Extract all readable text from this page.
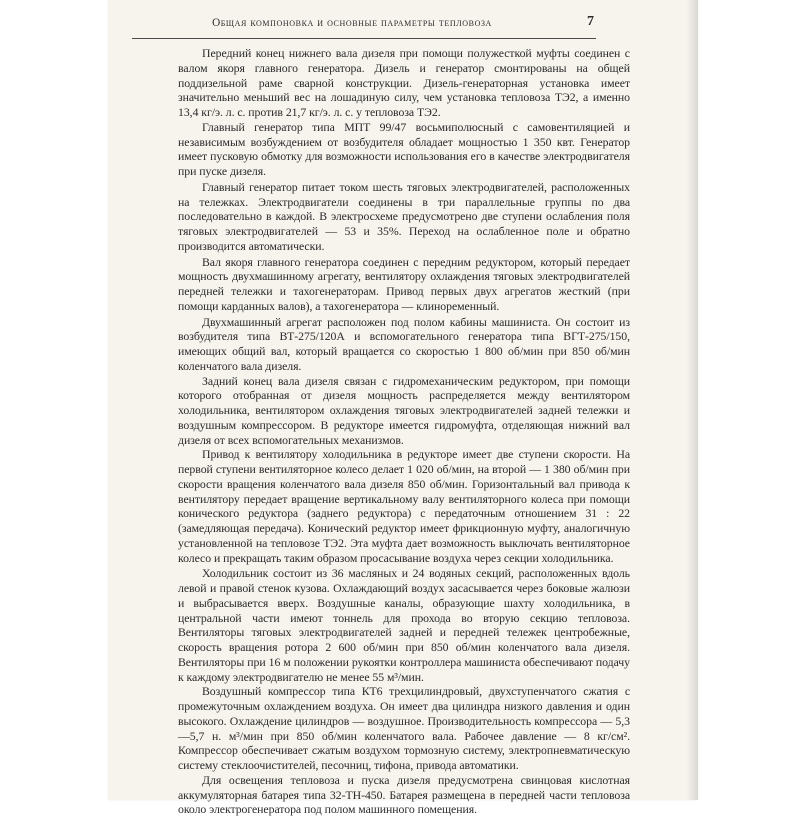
Общая компоновка и основные параметры тепловоза	7

Передний конец нижнего вала дизеля при помощи полужесткой муфты соединен с валом якоря главного генератора. Дизель и генератор смонтированы на общей поддизельной раме сварной конструкции. Дизель-генераторная установка имеет значительно меньший вес на лошадиную силу, чем установка тепловоза ТЭ2, а именно 13,4 кг/э. л. с. против 21,7 кг/э. л. с. у тепловоза ТЭ2.

Главный генератор типа МПТ 99/47 восьмиполюсный с самовентиляцией и независимым возбуждением от возбудителя обладает мощностью 1 350 квт. Генератор имеет пусковую обмотку для возможности использования его в качестве электродвигателя при пуске дизеля.

Главный генератор питает током шесть тяговых электродвигателей, расположенных на тележках. Электродвигатели соединены в три параллельные группы по два последовательно в каждой. В электросхеме предусмотрено две ступени ослабления поля тяговых электродвигателей — 53 и 35%. Переход на ослабленное поле и обратно производится автоматически.

Вал якоря главного генератора соединен с передним редуктором, который передает мощность двухмашинному агрегату, вентилятору охлаждения тяговых электродвигателей передней тележки и тахогенераторам. Привод первых двух агрегатов жесткий (при помощи карданных валов), а тахогенератора — клиноременный.

Двухмашинный агрегат расположен под полом кабины машиниста. Он состоит из возбудителя типа ВТ-275/120А и вспомогательного генератора типа ВГТ-275/150, имеющих общий вал, который вращается со скоростью 1 800 об/мин при 850 об/мин коленчатого вала дизеля.

Задний конец вала дизеля связан с гидромеханическим редуктором, при помощи которого отобранная от дизеля мощность распределяется между вентилятором холодильника, вентилятором охлаждения тяговых электродвигателей задней тележки и воздушным компрессором. В редукторе имеется гидромуфта, отделяющая нижний вал дизеля от всех вспомогательных механизмов.

Привод к вентилятору холодильника в редукторе имеет две ступени скорости. На первой ступени вентиляторное колесо делает 1 020 об/мин, на второй — 1 380 об/мин при скорости вращения коленчатого вала дизеля 850 об/мин. Горизонтальный вал привода к вентилятору передает вращение вертикальному валу вентиляторного колеса при помощи конического редуктора (заднего редуктора) с передаточным отношением 31 : 22 (замедляющая передача). Конический редуктор имеет фрикционную муфту, аналогичную установленной на тепловозе ТЭ2. Эта муфта дает возможность выключать вентиляторное колесо и прекращать таким образом просасывание воздуха через секции холодильника.

Холодильник состоит из 36 масляных и 24 водяных секций, расположенных вдоль левой и правой стенок кузова. Охлаждающий воздух засасывается через боковые жалюзи и выбрасывается вверх. Воздушные каналы, образующие шахту холодильника, в центральной части имеют тоннель для прохода во вторую секцию тепловоза. Вентиляторы тяговых электродвигателей задней и передней тележек центробежные, скорость вращения ротора 2 600 об/мин при 850 об/мин коленчатого вала дизеля. Вентиляторы при 16 м положении рукоятки контроллера машиниста обеспечивают подачу к каждому электродвигателю не менее 55 м³/мин.

Воздушный компрессор типа КТ6 трехцилиндровый, двухступенчатого сжатия с промежуточным охлаждением воздуха. Он имеет два цилиндра низкого давления и один высокого. Охлаждение цилиндров — воздушное. Производительность компрессора — 5,3—5,7 н. м³/мин при 850 об/мин коленчатого вала. Рабочее давление — 8 кг/см². Компрессор обеспечивает сжатым воздухом тормозную систему, электропневматическую систему стеклоочистителей, песочниц, тифона, привода автоматики.

Для освещения тепловоза и пуска дизеля предусмотрена свинцовая кислотная аккумуляторная батарея типа 32-ТН-450. Батарея размещена в передней части тепловоза около электрогенератора под полом машинного помещения.
